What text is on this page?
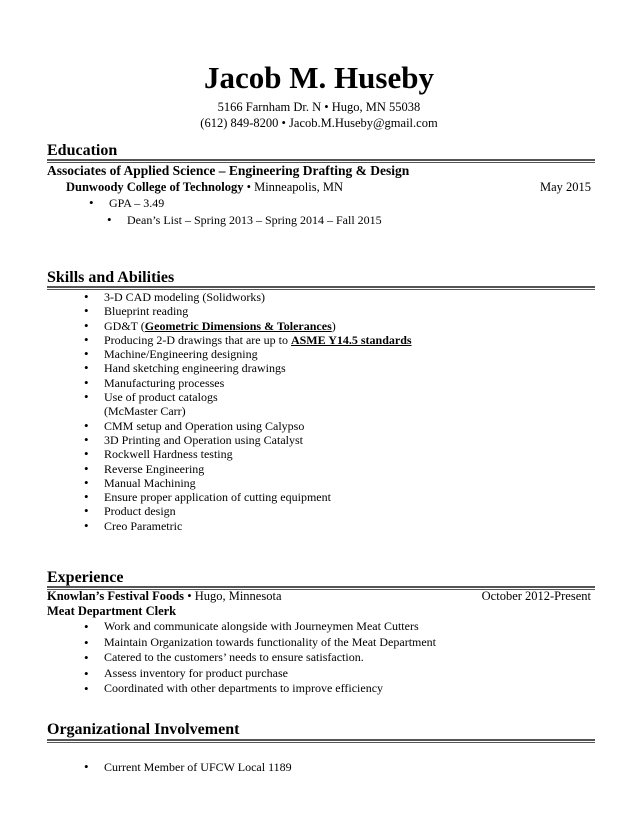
Jacob M. Huseby
5166 Farnham Dr. N • Hugo, MN 55038
(612) 849-8200 • Jacob.M.Huseby@gmail.com
Education
Associates of Applied Science – Engineering Drafting & Design
Dunwoody College of Technology • Minneapolis, MN	May 2015
• GPA – 3.49
• Dean’s List – Spring 2013 – Spring 2014 – Fall 2015
Skills and Abilities
• 3-D CAD modeling (Solidworks)
• Blueprint reading
• GD&T (Geometric Dimensions & Tolerances)
• Producing 2-D drawings that are up to ASME Y14.5 standards
• Machine/Engineering designing
• Hand sketching engineering drawings
• Manufacturing processes
• Use of product catalogs
(McMaster Carr)
• CMM setup and Operation using Calypso
• 3D Printing and Operation using Catalyst
• Rockwell Hardness testing
• Reverse Engineering
• Manual Machining
• Ensure proper application of cutting equipment
• Product design
• Creo Parametric
Experience
Knowlan’s Festival Foods • Hugo, Minnesota	October 2012-Present
Meat Department Clerk
• Work and communicate alongside with Journeymen Meat Cutters
• Maintain Organization towards functionality of the Meat Department
• Catered to the customers’ needs to ensure satisfaction.
• Assess inventory for product purchase
• Coordinated with other departments to improve efficiency
Organizational Involvement
• Current Member of UFCW Local 1189
